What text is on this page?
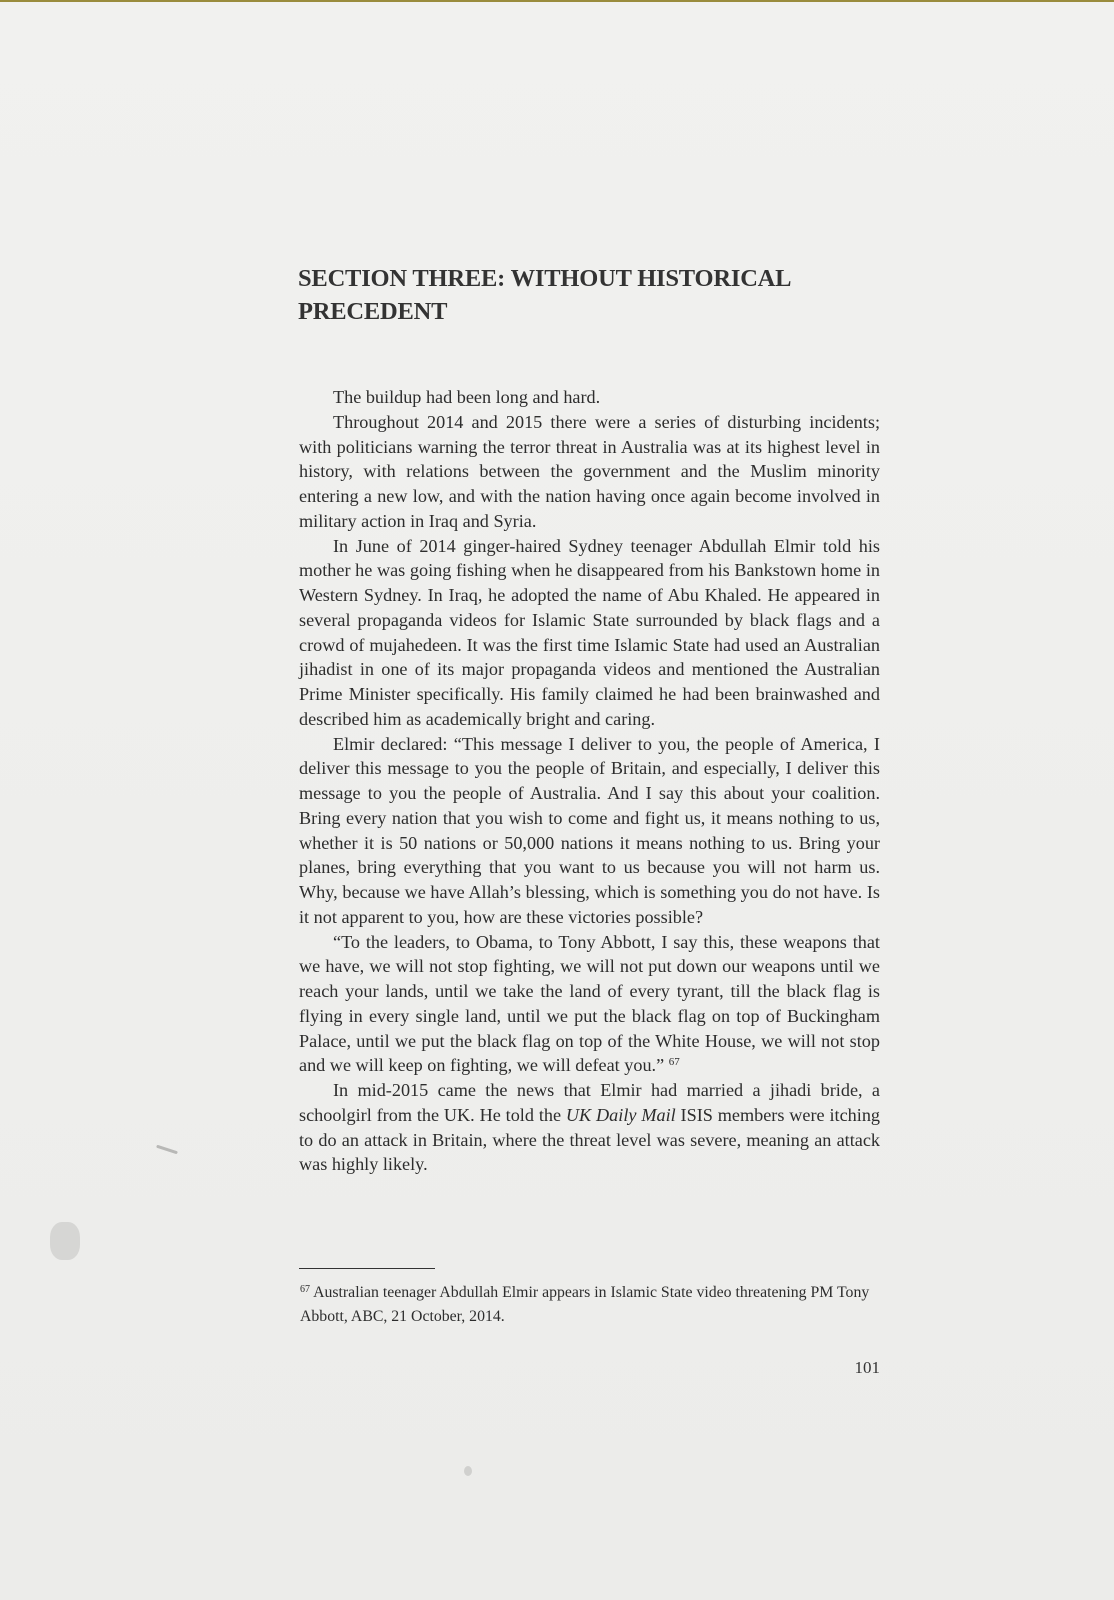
SECTION THREE: WITHOUT HISTORICAL
PRECEDENT

The buildup had been long and hard.

Throughout 2014 and 2015 there were a series of disturbing incidents; with politicians warning the terror threat in Australia was at its highest level in history, with relations between the government and the Muslim minority entering a new low, and with the nation having once again become involved in military action in Iraq and Syria.

In June of 2014 ginger-haired Sydney teenager Abdullah Elmir told his mother he was going fishing when he disappeared from his Bankstown home in Western Sydney. In Iraq, he adopted the name of Abu Khaled. He appeared in several propaganda videos for Islamic State surrounded by black flags and a crowd of mujahedeen. It was the first time Islamic State had used an Australian jihadist in one of its major propaganda videos and mentioned the Australian Prime Minister specifically. His family claimed he had been brainwashed and described him as academically bright and caring.

Elmir declared: “This message I deliver to you, the people of America, I deliver this message to you the people of Britain, and especially, I deliver this message to you the people of Australia. And I say this about your coalition. Bring every nation that you wish to come and fight us, it means nothing to us, whether it is 50 nations or 50,000 nations it means nothing to us. Bring your planes, bring everything that you want to us because you will not harm us. Why, because we have Allah’s blessing, which is something you do not have. Is it not apparent to you, how are these victories possible?

“To the leaders, to Obama, to Tony Abbott, I say this, these weapons that we have, we will not stop fighting, we will not put down our weapons until we reach your lands, until we take the land of every tyrant, till the black flag is flying in every single land, until we put the black flag on top of Buckingham Palace, until we put the black flag on top of the White House, we will not stop and we will keep on fighting, we will defeat you.” $^{67}$

In mid-2015 came the news that Elmir had married a jihadi bride, a schoolgirl from the UK. He told the UK Daily Mail ISIS members were itching to do an attack in Britain, where the threat level was severe, meaning an attack was highly likely.

$^{67}$ Australian teenager Abdullah Elmir appears in Islamic State video threatening PM Tony Abbott, ABC, 21 October, 2014.
101
